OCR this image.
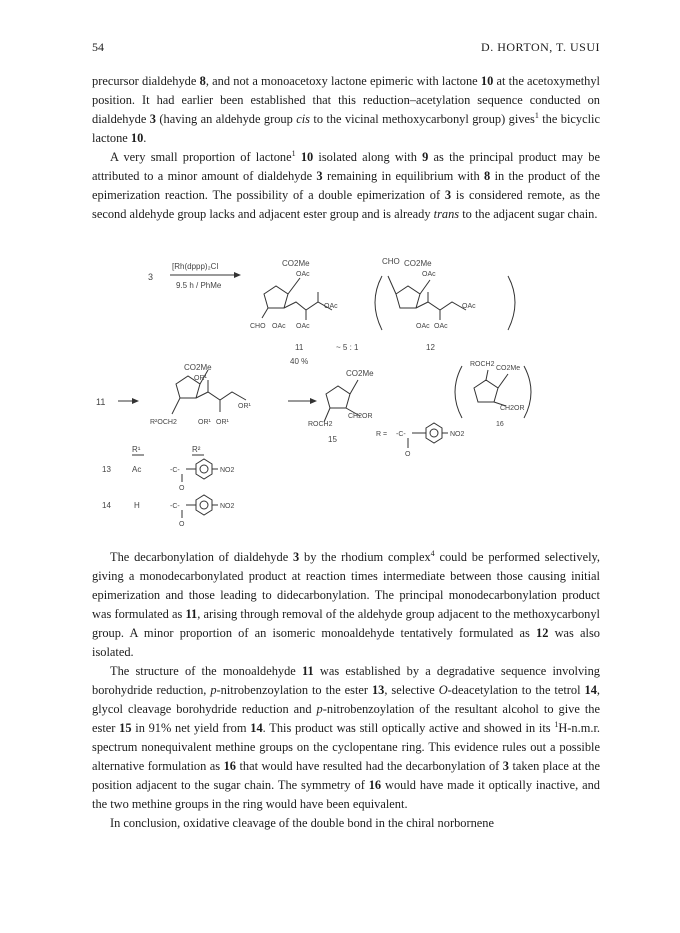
54	D. HORTON, T. USUI

precursor dialdehyde 8, and not a monoacetoxy lactone epimeric with lactone 10 at the acetoxymethyl position. It had earlier been established that this reduction–acetylation sequence conducted on dialdehyde 3 (having an aldehyde group cis to the vicinal methoxycarbonyl group) gives$^1$ the bicyclic lactone 10.

A very small proportion of lactone$^1$ 10 isolated along with 9 as the principal product may be attributed to a minor amount of dialdehyde 3 remaining in equilibrium with 8 in the product of the epimerization reaction. The possibility of a double epimerization of 3 is considered remote, as the second aldehyde group lacks and adjacent ester group and is already trans to the adjacent sugar chain.

3
[Rh(dppp)₂Cl
9.5 h / PhMe
CO2Me
OAc
OAc
CHO OAc OAc
11	~ 5 : 1
40 %
CHO CO2Me
OAc
OAc
OAc OAc
12
11
CO2Me
OR¹
OR¹
R²OCH2	OR¹ OR¹
CO2Me
CH2OR
ROCH2
15
ROCH2
CO2Me
CH2OR
16
R = -C-	NO2
O
R¹	R²
13	Ac	-C-	NO2
O
14	H	-C-	NO2
O

The decarbonylation of dialdehyde 3 by the rhodium complex$^4$ could be performed selectively, giving a monodecarbonylated product at reaction times intermediate between those causing initial epimerization and those leading to didecarbonylation. The principal monodecarbonylation product was formulated as 11, arising through removal of the aldehyde group adjacent to the methoxycarbonyl group. A minor proportion of an isomeric monoaldehyde tentatively formulated as 12 was also isolated.

The structure of the monoaldehyde 11 was established by a degradative sequence involving borohydride reduction, p-nitrobenzoylation to the ester 13, selective O-deacetylation to the tetrol 14, glycol cleavage borohydride reduction and p-nitrobenzoylation of the resultant alcohol to give the ester 15 in 91% net yield from 14. This product was still optically active and showed in its $^1$H-n.m.r. spectrum nonequivalent methine groups on the cyclopentane ring. This evidence rules out a possible alternative formulation as 16 that would have resulted had the decarbonylation of 3 taken place at the position adjacent to the sugar chain. The symmetry of 16 would have made it optically inactive, and the two methine groups in the ring would have been equivalent.

In conclusion, oxidative cleavage of the double bond in the chiral norbornene
